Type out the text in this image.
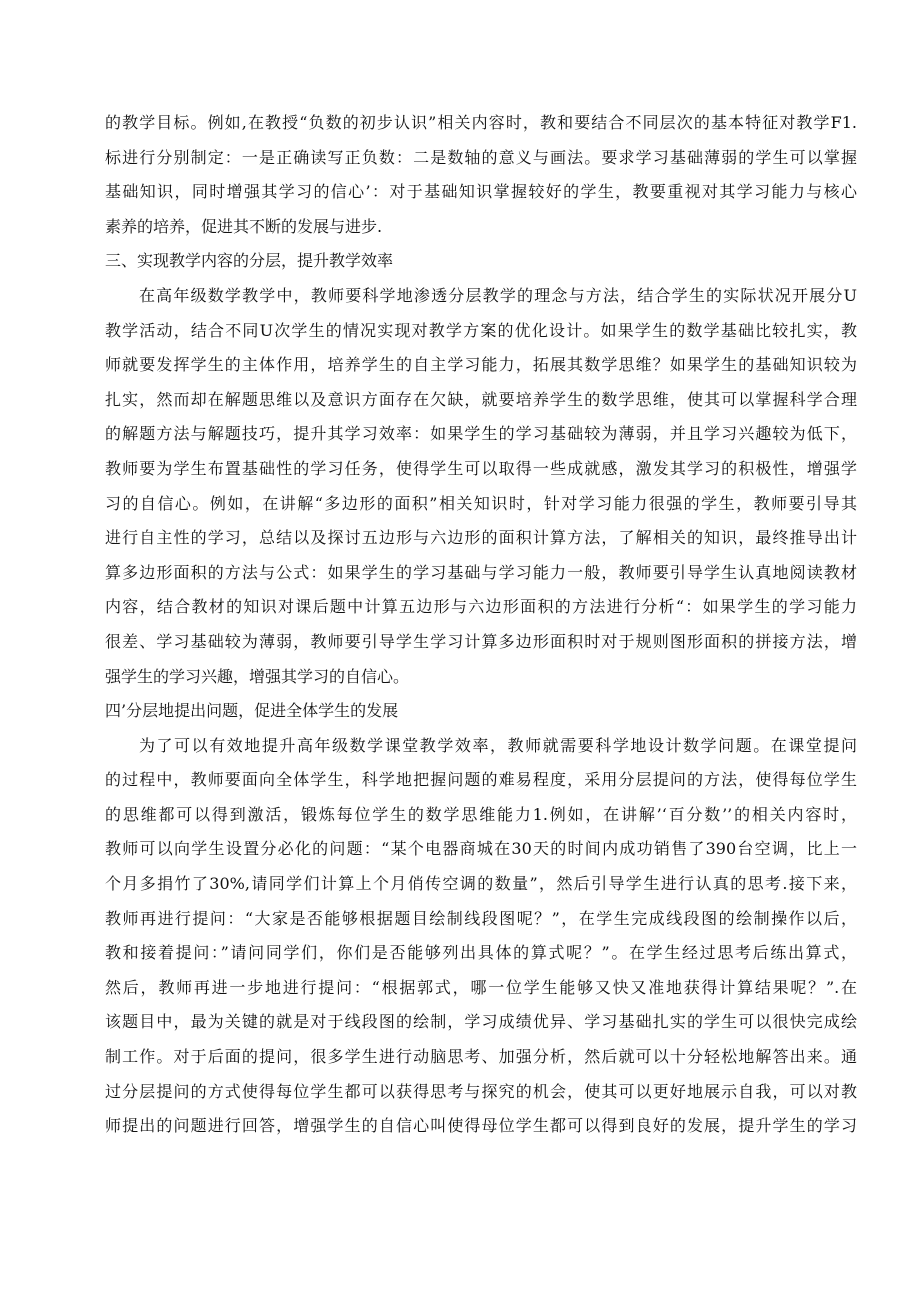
的教学目标。例如,在教授“负数的初步认识”相关内容时，教和要结合不同层次的基本特征对教学F1.
标进行分别制定：一是正确读写正负数：二是数轴的意义与画法。要求学习基础薄弱的学生可以掌握
基础知识，同时增强其学习的信心’：对于基础知识掌握较好的学生，教要重视对其学习能力与核心
素养的培养，促进其不断的发展与进步.
三、实现教学内容的分层，提升教学效率
在高年级数学教学中，教师要科学地渗透分层教学的理念与方法，结合学生的实际状况开展分U
教学活动，结合不同U次学生的情况实现对教学方案的优化设计。如果学生的数学基础比较扎实，教
师就要发挥学生的主体作用，培养学生的自主学习能力，拓展其数学思维？如果学生的基础知识较为
扎实，然而却在解题思维以及意识方面存在欠缺，就要培养学生的数学思维，使其可以掌握科学合理
的解题方法与解题技巧，提升其学习效率：如果学生的学习基础较为薄弱，并且学习兴趣较为低下，
教师要为学生布置基础性的学习任务，使得学生可以取得一些成就感，激发其学习的积极性，增强学
习的自信心。例如，在讲解“多边形的面积”相关知识时，针对学习能力很强的学生，教师要引导其
进行自主性的学习，总结以及探讨五边形与六边形的面积计算方法，了解相关的知识，最终推导出计
算多边形面积的方法与公式：如果学生的学习基础与学习能力一般，教师要引导学生认真地阅读教材
内容，结合教材的知识对课后题中计算五边形与六边形面积的方法进行分析“：如果学生的学习能力
很差、学习基础较为薄弱，教师要引导学生学习计算多边形面积时对于规则图形面积的拼接方法，增
强学生的学习兴趣，增强其学习的自信心。
四’分层地提出问题，促进全体学生的发展
为了可以有效地提升高年级数学课堂教学效率，教师就需要科学地设计数学问题。在课堂提问
的过程中，教师要面向全体学生，科学地把握问题的难易程度，采用分层提问的方法，使得每位学生
的思维都可以得到激活，锻炼每位学生的数学思维能力1.例如，在讲解’‘百分数’’的相关内容时，
教师可以向学生设置分必化的问题：“某个电器商城在30天的时间内成功销售了390台空调，比上一
个月多捐竹了30%,请同学们计算上个月俏传空调的数量”，然后引导学生进行认真的思考.接下来，
教师再进行提问：“大家是否能够根据题目绘制线段图呢？”，在学生完成线段图的绘制操作以后，
教和接着提问：”请问同学们，你们是否能够列出具体的算式呢？”。在学生经过思考后练出算式，
然后，教师再进一步地进行提问：“根据郭式，哪一位学生能够又快又准地获得计算结果呢？”.在
该题目中，最为关键的就是对于线段图的绘制，学习成绩优异、学习基础扎实的学生可以很快完成绘
制工作。对于后面的提问，很多学生进行动脑思考、加强分析，然后就可以十分轻松地解答出来。通
过分层提问的方式使得每位学生都可以获得思考与探究的机会，使其可以更好地展示自我，可以对教
师提出的问题进行回答，增强学生的自信心叫使得母位学生都可以得到良好的发展，提升学生的学习
